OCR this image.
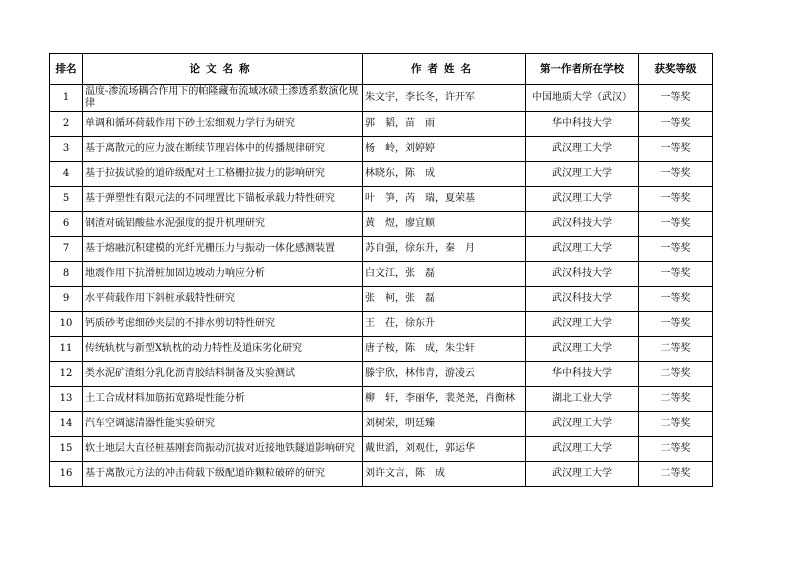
排名	论文名称	作者姓名	第一作者所在学校	获奖等级
1	温度-渗流场耦合作用下的帕隆藏布流域冰碛土渗透系数演化规律	朱文宇，李长冬，许开军	中国地质大学（武汉）	一等奖
2	单调和循环荷载作用下砂土宏细观力学行为研究	郭　韬，苗　雨	华中科技大学	一等奖
3	基于离散元的应力波在断续节理岩体中的传播规律研究	杨　岭，刘婷婷	武汉理工大学	一等奖
4	基于拉拔试验的道砟级配对土工格栅拉拔力的影响研究	林晓东，陈　成	武汉理工大学	一等奖
5	基于弹塑性有限元法的不同埋置比下锚板承载力特性研究	叶　笋，芮　瑞，夏荣基	武汉理工大学	一等奖
6	钢渣对硫铝酸盐水泥强度的提升机理研究	黄　煜，廖宜顺	武汉科技大学	一等奖
7	基于熔融沉积建模的光纤光栅压力与振动一体化感测装置	苏自强，徐东升，秦　月	武汉理工大学	一等奖
8	地震作用下抗滑桩加固边坡动力响应分析	白文江，张　磊	武汉科技大学	一等奖
9	水平荷载作用下斜桩承载特性研究	张　柯，张　磊	武汉科技大学	一等奖
10	钙质砂考虑细砂夹层的不排水剪切特性研究	王　茌，徐东升	武汉理工大学	一等奖
11	传统轨枕与新型X轨枕的动力特性及道床劣化研究	唐子桉，陈　成，朱尘轩	武汉理工大学	二等奖
12	类水泥矿渣组分乳化沥青胶结料制备及实验测试	滕宇欣，林伟青，游凌云	华中科技大学	二等奖
13	土工合成材料加筋拓宽路堤性能分析	柳　轩，李丽华，裴尧尧，肖衡林	湖北工业大学	二等奖
14	汽车空调滤清器性能实验研究	刘树荣，明廷臻	武汉理工大学	二等奖
15	软土地层大直径桩基刚套筒振动沉拔对近接地铁隧道影响研究	戴世滔，刘观仕，郭运华	武汉理工大学	二等奖
16	基于离散元方法的冲击荷载下级配道砟颗粒破碎的研究	刘许文言，陈　成	武汉理工大学	二等奖
